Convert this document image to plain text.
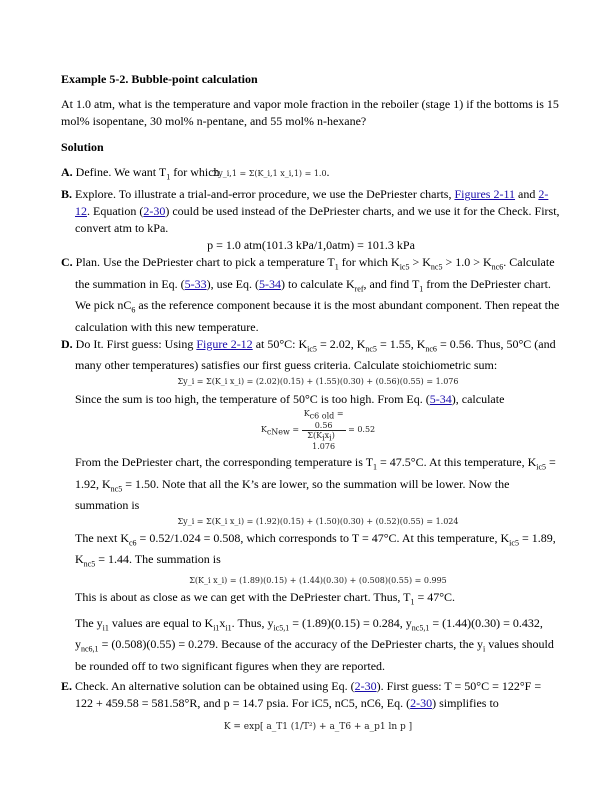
Example 5-2. Bubble-point calculation

At 1.0 atm, what is the temperature and vapor mole fraction in the reboiler (stage 1) if the bottoms is 15 mol% isopentane, 30 mol% n-pentane, and 55 mol% n-hexane?

Solution

A. Define. We want $T_1$ for which Σy_i,1 = Σ(K_i,1 x_i,1) = 1.0.

B. Explore. To illustrate a trial-and-error procedure, we use the DePriester charts, Figures 2-11 and 2-12. Equation (2-30) could be used instead of the DePriester charts, and we use it for the Check. First, convert atm to kPa.

p = 1.0 atm(101.3 kPa/1,0atm) = 101.3 kPa

C. Plan. Use the DePriester chart to pick a temperature $T_1$ for which $K_{ic5} > K_{nc5} > 1.0 > K_{nc6}$. Calculate the summation in Eq. (5-33), use Eq. (5-34) to calculate $K_{ref}$, and find $T_1$ from the DePriester chart. We pick $nC_6$ as the reference component because it is the most abundant component. Then repeat the calculation with this new temperature.

D. Do It. First guess: Using Figure 2-12 at 50°C: $K_{ic5} = 2.02$, $K_{nc5} = 1.55$, $K_{nc6} = 0.56$. Thus, 50°C (and many other temperatures) satisfies our first guess criteria. Calculate stoichiometric sum:

Σy_i = Σ(K_i x_i) = (2.02)(0.15) + (1.55)(0.30) + (0.56)(0.55) = 1.076

Since the sum is too high, the temperature of 50°C is too high. From Eq. (5-34), calculate

$K_{cNew} = K_{c6 old}$ =
0.56
$\Sigma(K_ix_i)$
1.076 = 0.52

From the DePriester chart, the corresponding temperature is $T_1 = 47.5^\circ C$. At this temperature, $K_{ic5} = 1.92$, $K_{nc5} = 1.50$. Note that all the K’s are lower, so the summation will be lower. Now the summation is

Σy_i = Σ(K_i x_i) = (1.92)(0.15) + (1.50)(0.30) + (0.52)(0.55) = 1.024

The next $K_{c6} = 0.52/1.024 = 0.508$, which corresponds to T = 47°C. At this temperature, $K_{ic5} = 1.89$, $K_{nc5} = 1.44$. The summation is

Σ(K_i x_i) = (1.89)(0.15) + (1.44)(0.30) + (0.508)(0.55) = 0.995

This is about as close as we can get with the DePriester chart. Thus, $T_1 = 47^\circ C$.

The $y_{i1}$ values are equal to $K_{i1}x_{i1}$. Thus, $y_{ic5,1} = (1.89)(0.15) = 0.284$, $y_{nc5,1} = (1.44)(0.30) = 0.432$, $y_{nc6,1} = (0.508)(0.55) = 0.279$. Because of the accuracy of the DePriester charts, the $y_i$ values should be rounded off to two significant figures when they are reported.

E. Check. An alternative solution can be obtained using Eq. (2-30). First guess: T = 50°C = 122°F = 122 + 459.58 = 581.58°R, and p = 14.7 psia. For iC5, nC5, nC6, Eq. (2-30) simplifies to

K = exp[ a_T1 (1/T²) + a_T6 + a_p1 ln p ]
